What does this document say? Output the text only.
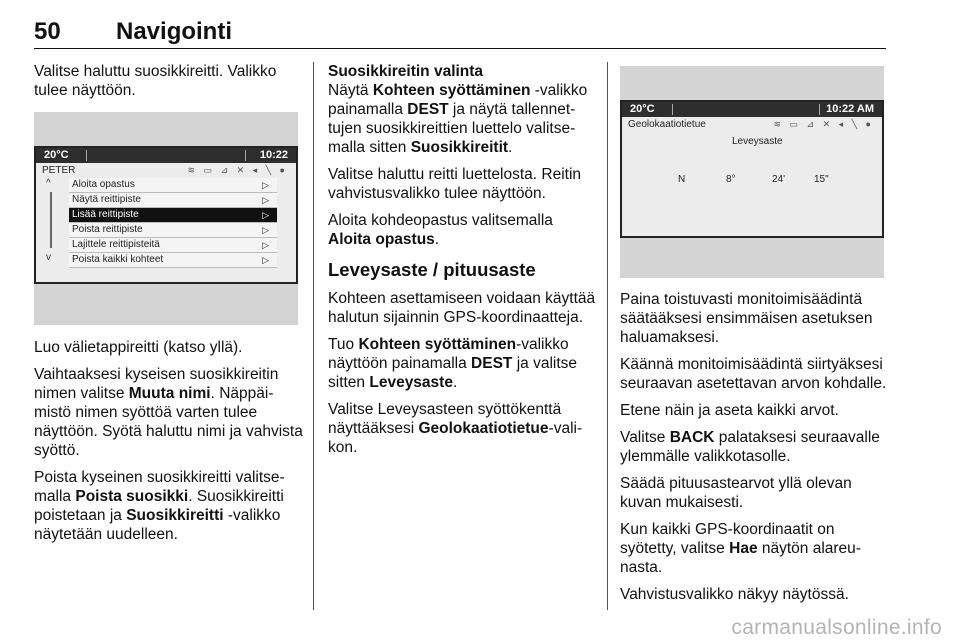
50 Navigointi

Valitse haluttu suosikkireitti. Valikko tulee näyttöön.

20°C	10:22
PETER	≋ ▭ ⊿ ✕ ◂ ╲ ●
^
v
Aloita opastus	▷
Näytä reittipiste	▷
Lisää reittipiste	▷
Poista reittipiste	▷
Lajittele reittipisteitä	▷
Poista kaikki kohteet	▷

Luo välietappireitti (katso yllä).

Vaihtaaksesi kyseisen suosikkireitin nimen valitse Muuta nimi. Näppäimistö nimen syöttöä varten tulee näyttöön. Syötä haluttu nimi ja vahvista syöttö.

Poista kyseinen suosikkireitti valitsemalla Poista suosikki. Suosikkireitti poistetaan ja Suosikkireitti -valikko näytetään uudelleen.

Suosikkireitin valinta

Näytä Kohteen syöttäminen -valikko painamalla DEST ja näytä tallennettujen suosikkireittien luettelo valitsemalla sitten Suosikkireitit.

Valitse haluttu reitti luettelosta. Reitin vahvistusvalikko tulee näyttöön.

Aloita kohdeopastus valitsemalla Aloita opastus.

Leveysaste / pituusaste

Kohteen asettamiseen voidaan käyttää halutun sijainnin GPS-koordinaatteja.

Tuo Kohteen syöttäminen-valikko näyttöön painamalla DEST ja valitse sitten Leveysaste.

Valitse Leveysasteen syöttökenttä näyttääksesi Geolokaatiotietue-valikon.

20°C	10:22 AM
Geolokaatiotietue	≋ ▭ ⊿ ✕ ◂ ╲ ●
Leveysaste
N	8°	24'	15"

Paina toistuvasti monitoimisäädintä säätääksesi ensimmäisen asetuksen haluamaksesi.

Käännä monitoimisäädintä siirtyäksesi seuraavan asetettavan arvon kohdalle.

Etene näin ja aseta kaikki arvot.

Valitse BACK palataksesi seuraavalle ylemmälle valikkotasolle.

Säädä pituusastearvot yllä olevan kuvan mukaisesti.

Kun kaikki GPS-koordinaatit on syötetty, valitse Hae näytön alareunasta.

Vahvistusvalikko näkyy näytössä.

carmanualsonline.info
